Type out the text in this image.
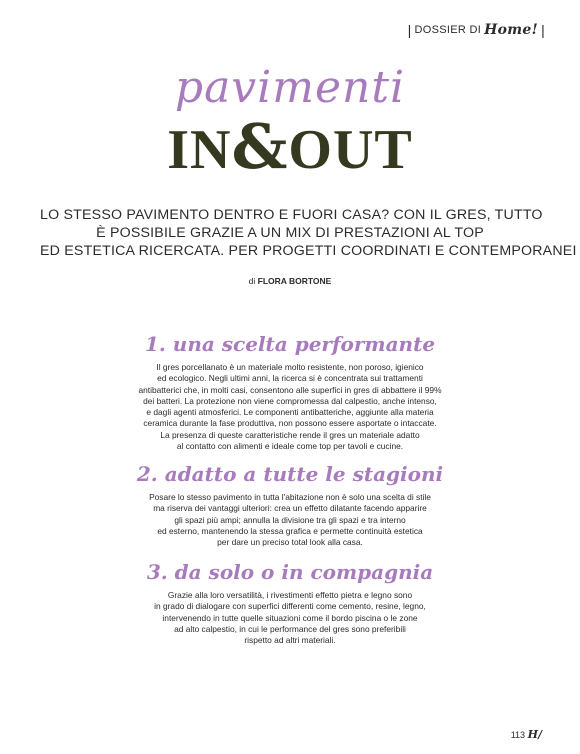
| DOSSIER DI Home! |
pavimenti
IN&OUT
LO STESSO PAVIMENTO DENTRO E FUORI CASA? CON IL GRES, TUTTO
È POSSIBILE GRAZIE A UN MIX DI PRESTAZIONI AL TOP
ED ESTETICA RICERCATA. PER PROGETTI COORDINATI E CONTEMPORANEI
di FLORA BORTONE
1. una scelta performante

Il gres porcellanato è un materiale molto resistente, non poroso, igienico
ed ecologico. Negli ultimi anni, la ricerca si è concentrata sui trattamenti
antibatterici che, in molti casi, consentono alle superfici in gres di abbattere il 99%
dei batteri. La protezione non viene compromessa dal calpestio, anche intenso,
e dagli agenti atmosferici. Le componenti antibatteriche, aggiunte alla materia
ceramica durante la fase produttiva, non possono essere asportate o intaccate.
La presenza di queste caratteristiche rende il gres un materiale adatto
al contatto con alimenti e ideale come top per tavoli e cucine.

2. adatto a tutte le stagioni

Posare lo stesso pavimento in tutta l'abitazione non è solo una scelta di stile
ma riserva dei vantaggi ulteriori: crea un effetto dilatante facendo apparire
gli spazi più ampi; annulla la divisione tra gli spazi e tra interno
ed esterno, mantenendo la stessa grafica e permette continuità estetica
per dare un preciso total look alla casa.

3. da solo o in compagnia

Grazie alla loro versatilità, i rivestimenti effetto pietra e legno sono
in grado di dialogare con superfici differenti come cemento, resine, legno,
intervenendo in tutte quelle situazioni come il bordo piscina o le zone
ad alto calpestio, in cui le performance del gres sono preferibili
rispetto ad altri materiali.

113 H/
